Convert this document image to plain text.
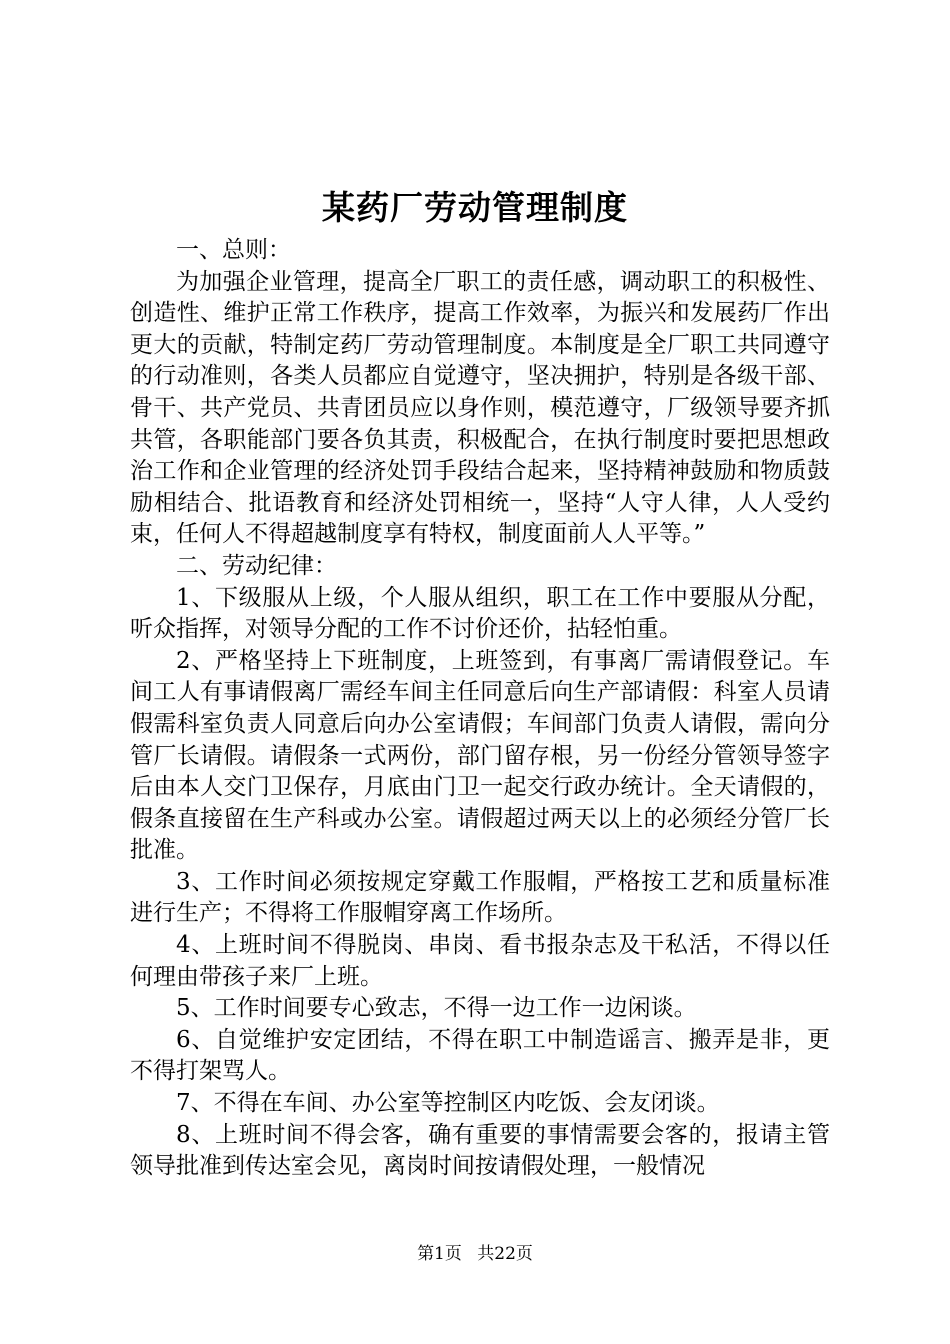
某药厂劳动管理制度

一、总则：

为加强企业管理，提高全厂职工的责任感，调动职工的积极性、创造性、维护正常工作秩序，提高工作效率，为振兴和发展药厂作出更大的贡献，特制定药厂劳动管理制度。本制度是全厂职工共同遵守的行动准则，各类人员都应自觉遵守，坚决拥护，特别是各级干部、骨干、共产党员、共青团员应以身作则，模范遵守，厂级领导要齐抓共管，各职能部门要各负其责，积极配合，在执行制度时要把思想政治工作和企业管理的经济处罚手段结合起来，坚持精神鼓励和物质鼓励相结合、批语教育和经济处罚相统一，坚持“人守人律，人人受约束，任何人不得超越制度享有特权，制度面前人人平等。”

二、劳动纪律：

1、下级服从上级，个人服从组织，职工在工作中要服从分配，听众指挥，对领导分配的工作不讨价还价，拈轻怕重。

2、严格坚持上下班制度，上班签到，有事离厂需请假登记。车间工人有事请假离厂需经车间主任同意后向生产部请假：科室人员请假需科室负责人同意后向办公室请假；车间部门负责人请假，需向分管厂长请假。请假条一式两份，部门留存根，另一份经分管领导签字后由本人交门卫保存，月底由门卫一起交行政办统计。全天请假的，假条直接留在生产科或办公室。请假超过两天以上的必须经分管厂长批准。

3、工作时间必须按规定穿戴工作服帽，严格按工艺和质量标准进行生产；不得将工作服帽穿离工作场所。

4、上班时间不得脱岗、串岗、看书报杂志及干私活，不得以任何理由带孩子来厂上班。

5、工作时间要专心致志，不得一边工作一边闲谈。

6、自觉维护安定团结，不得在职工中制造谣言、搬弄是非，更不得打架骂人。

7、不得在车间、办公室等控制区内吃饭、会友闭谈。

8、上班时间不得会客，确有重要的事情需要会客的，报请主管领导批准到传达室会见，离岗时间按请假处理，一般情况

第1页 共22页
